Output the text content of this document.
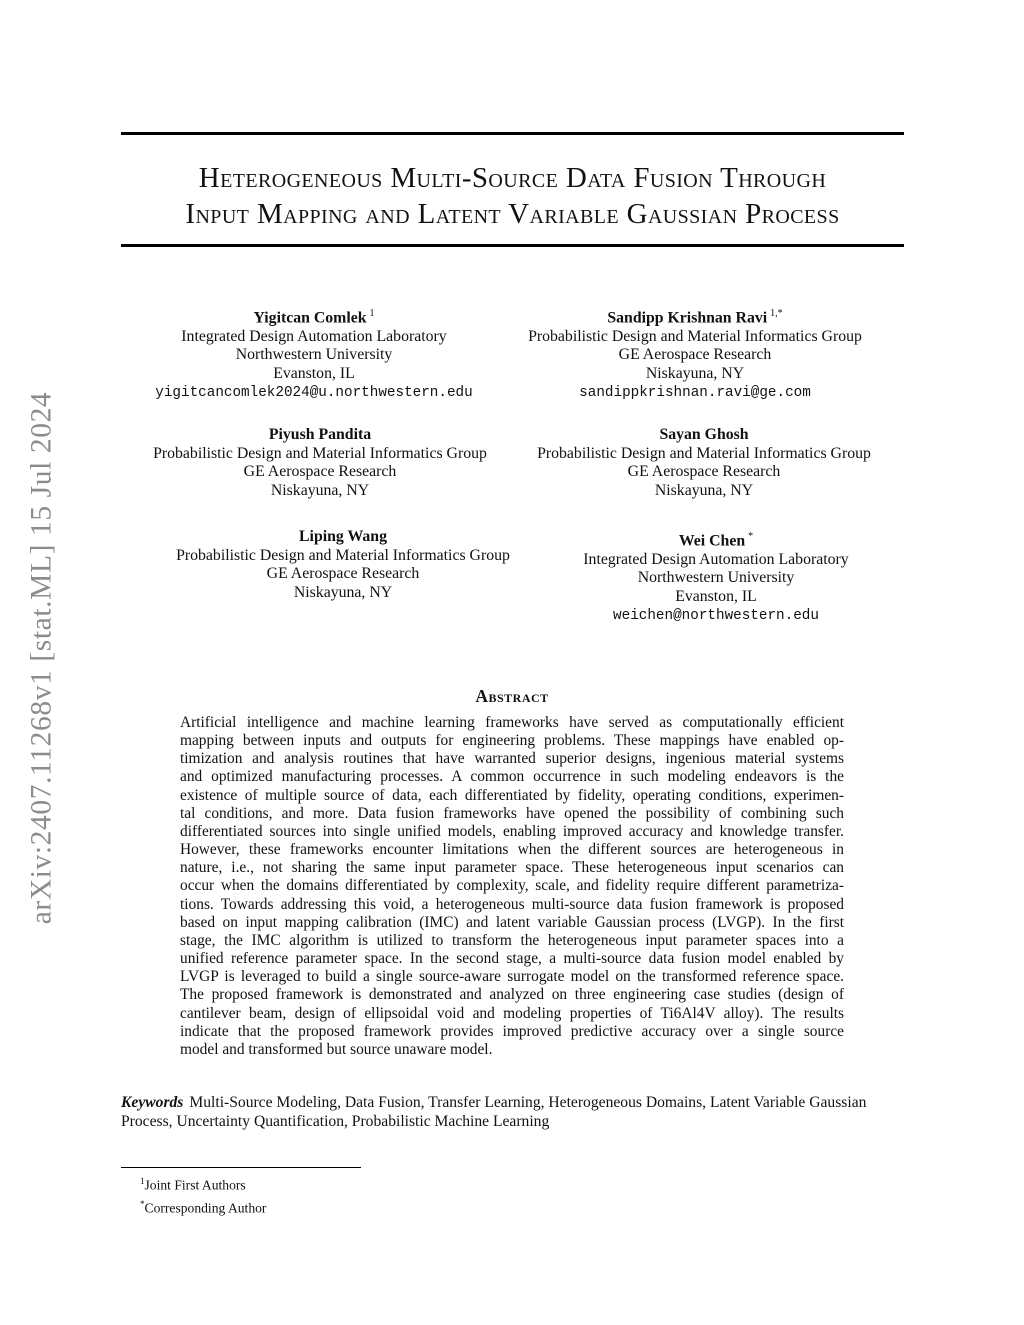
arXiv:2407.11268v1 [stat.ML] 15 Jul 2024
Heterogeneous Multi-Source Data Fusion Through
Input Mapping and Latent Variable Gaussian Process
Yigitcan Comlek $^1$
Integrated Design Automation Laboratory
Northwestern University
Evanston, IL
yigitcancomlek2024@u.northwestern.edu
Sandipp Krishnan Ravi $^{1,*}$
Probabilistic Design and Material Informatics Group
GE Aerospace Research
Niskayuna, NY
sandippkrishnan.ravi@ge.com
Piyush Pandita
Probabilistic Design and Material Informatics Group
GE Aerospace Research
Niskayuna, NY
Sayan Ghosh
Probabilistic Design and Material Informatics Group
GE Aerospace Research
Niskayuna, NY
Liping Wang
Probabilistic Design and Material Informatics Group
GE Aerospace Research
Niskayuna, NY
Wei Chen *
Integrated Design Automation Laboratory
Northwestern University
Evanston, IL
weichen@northwestern.edu
Abstract
Artificial intelligence and machine learning frameworks have served as computationally efficient
mapping between inputs and outputs for engineering problems. These mappings have enabled op-
timization and analysis routines that have warranted superior designs, ingenious material systems
and optimized manufacturing processes. A common occurrence in such modeling endeavors is the
existence of multiple source of data, each differentiated by fidelity, operating conditions, experimen-
tal conditions, and more. Data fusion frameworks have opened the possibility of combining such
differentiated sources into single unified models, enabling improved accuracy and knowledge transfer.
However, these frameworks encounter limitations when the different sources are heterogeneous in
nature, i.e., not sharing the same input parameter space. These heterogeneous input scenarios can
occur when the domains differentiated by complexity, scale, and fidelity require different parametriza-
tions. Towards addressing this void, a heterogeneous multi-source data fusion framework is proposed
based on input mapping calibration (IMC) and latent variable Gaussian process (LVGP). In the first
stage, the IMC algorithm is utilized to transform the heterogeneous input parameter spaces into a
unified reference parameter space. In the second stage, a multi-source data fusion model enabled by
LVGP is leveraged to build a single source-aware surrogate model on the transformed reference space.
The proposed framework is demonstrated and analyzed on three engineering case studies (design of
cantilever beam, design of ellipsoidal void and modeling properties of Ti6Al4V alloy). The results
indicate that the proposed framework provides improved predictive accuracy over a single source
model and transformed but source unaware model.
Keywords Multi-Source Modeling, Data Fusion, Transfer Learning, Heterogeneous Domains, Latent Variable Gaussian Process, Uncertainty Quantification, Probabilistic Machine Learning
$^1$Joint First Authors
*Corresponding Author
